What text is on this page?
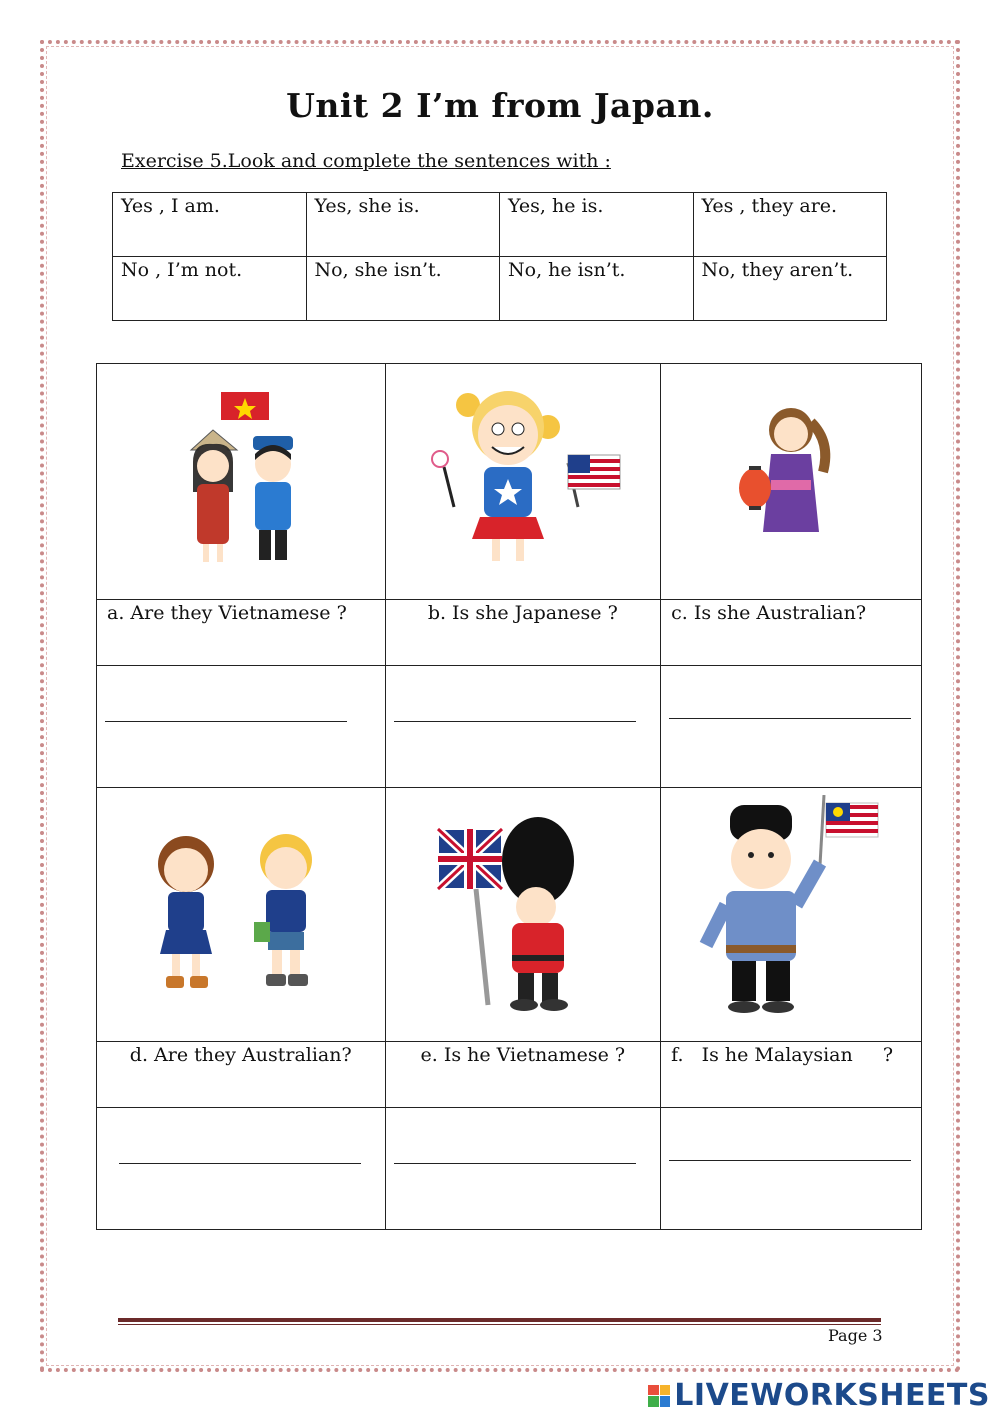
Unit 2 I’m from Japan.
Exercise 5.Look and complete the sentences with :
Yes , I am.	Yes, she is.	Yes, he is.	Yes , they are.
No , I’m not.	No, she isn’t.	No, he isn’t.	No, they aren’t.

a. Are they Vietnamese ?	b. Is she Japanese ?	c. Is she Australian?

d. Are they Australian?	e. Is he Vietnamese ?	f.   Is he Malaysian     ?

Page 3
LIVEWORKSHEETS
